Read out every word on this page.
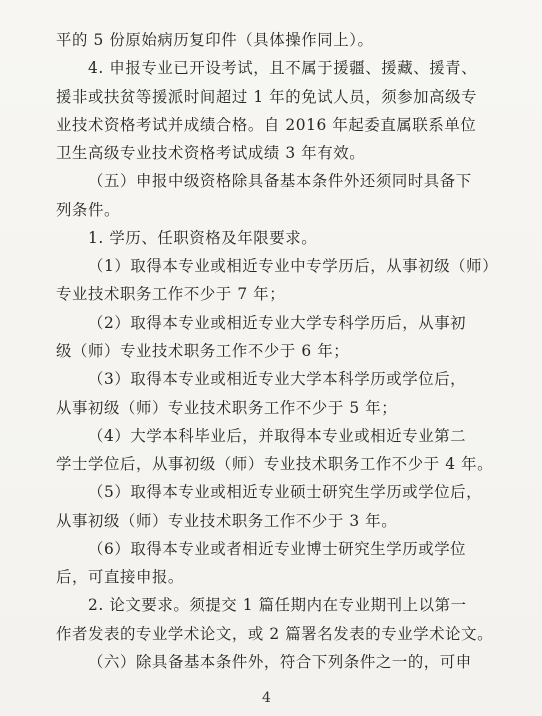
平的 5 份原始病历复印件（具体操作同上）。
4. 申报专业已开设考试，且不属于援疆、援藏、援青、
援非或扶贫等援派时间超过 1 年的免试人员，须参加高级专
业技术资格考试并成绩合格。自 2016 年起委直属联系单位
卫生高级专业技术资格考试成绩 3 年有效。
（五）申报中级资格除具备基本条件外还须同时具备下
列条件。
1. 学历、任职资格及年限要求。
（1）取得本专业或相近专业中专学历后，从事初级（师）
专业技术职务工作不少于 7 年；
（2）取得本专业或相近专业大学专科学历后，从事初
级（师）专业技术职务工作不少于 6 年；
（3）取得本专业或相近专业大学本科学历或学位后，
从事初级（师）专业技术职务工作不少于 5 年；
（4）大学本科毕业后，并取得本专业或相近专业第二
学士学位后，从事初级（师）专业技术职务工作不少于 4 年。
（5）取得本专业或相近专业硕士研究生学历或学位后，
从事初级（师）专业技术职务工作不少于 3 年。
（6）取得本专业或者相近专业博士研究生学历或学位
后，可直接申报。
2. 论文要求。须提交 1 篇任期内在专业期刊上以第一
作者发表的专业学术论文，或 2 篇署名发表的专业学术论文。
（六）除具备基本条件外，符合下列条件之一的，可申
4
